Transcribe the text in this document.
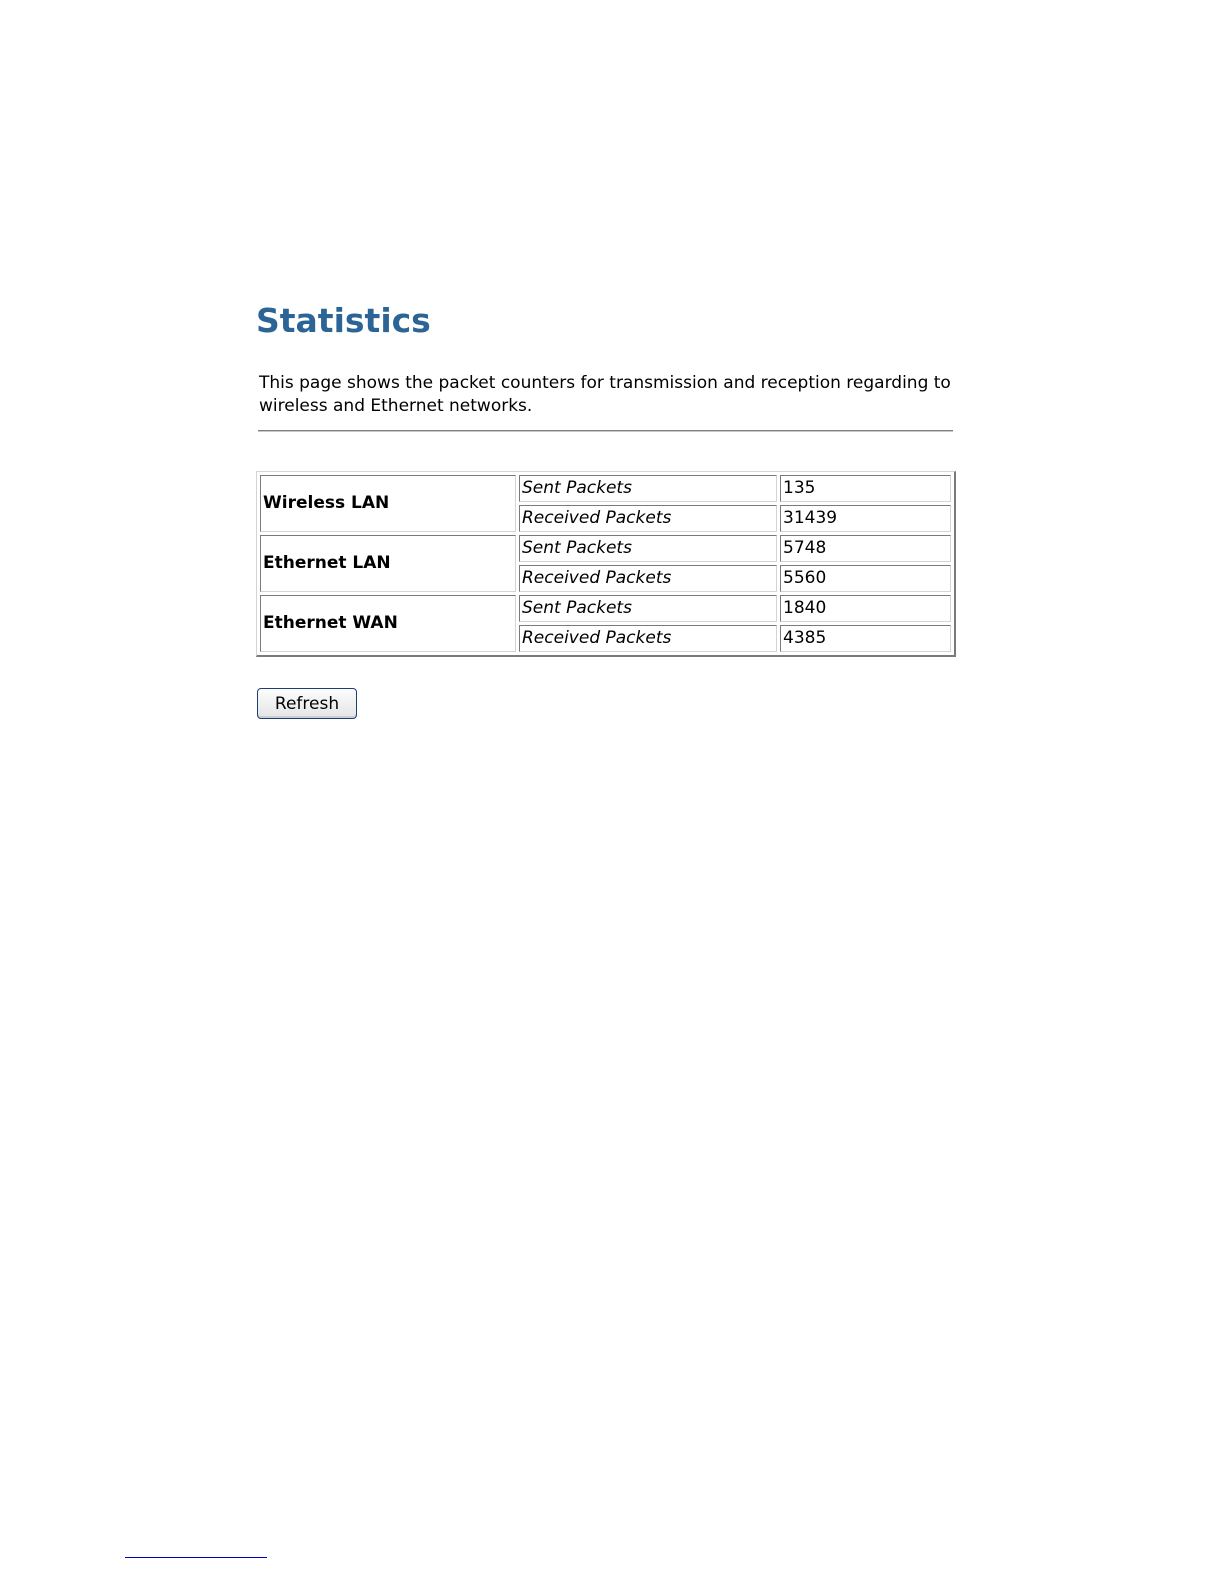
Statistics

This page shows the packet counters for transmission and reception regarding to wireless and Ethernet networks.

Wireless LAN	Sent Packets	135
	Received Packets	31439
Ethernet LAN	Sent Packets	5748
	Received Packets	5560
Ethernet WAN	Sent Packets	1840
	Received Packets	4385
Refresh
